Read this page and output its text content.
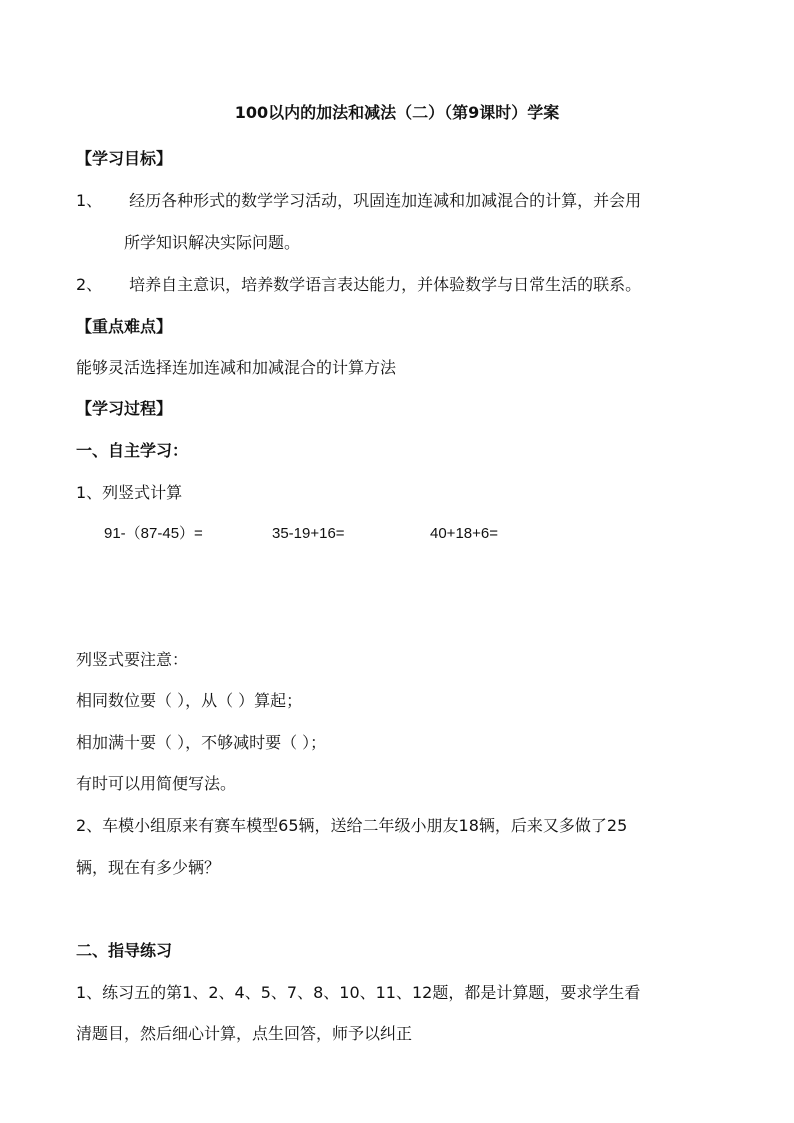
100以内的加法和减法（二）（第9课时）学案
【学习目标】
1、 经历各种形式的数学学习活动，巩固连加连减和加减混合的计算，并会用
所学知识解决实际问题。
2、 培养自主意识，培养数学语言表达能力，并体验数学与日常生活的联系。
【重点难点】
能够灵活选择连加连减和加减混合的计算方法
【学习过程】
一、自主学习：
1、列竖式计算
91-（87-45）=	35-19+16=	40+18+6=
列竖式要注意：
相同数位要（ ），从（ ）算起；
相加满十要（ ），不够减时要（ ）；
有时可以用简便写法。
2、车模小组原来有赛车模型65辆，送给二年级小朋友18辆，后来又多做了25
辆，现在有多少辆？
二、指导练习
1、练习五的第1、2、4、5、7、8、10、11、12题，都是计算题，要求学生看
清题目，然后细心计算，点生回答，师予以纠正
